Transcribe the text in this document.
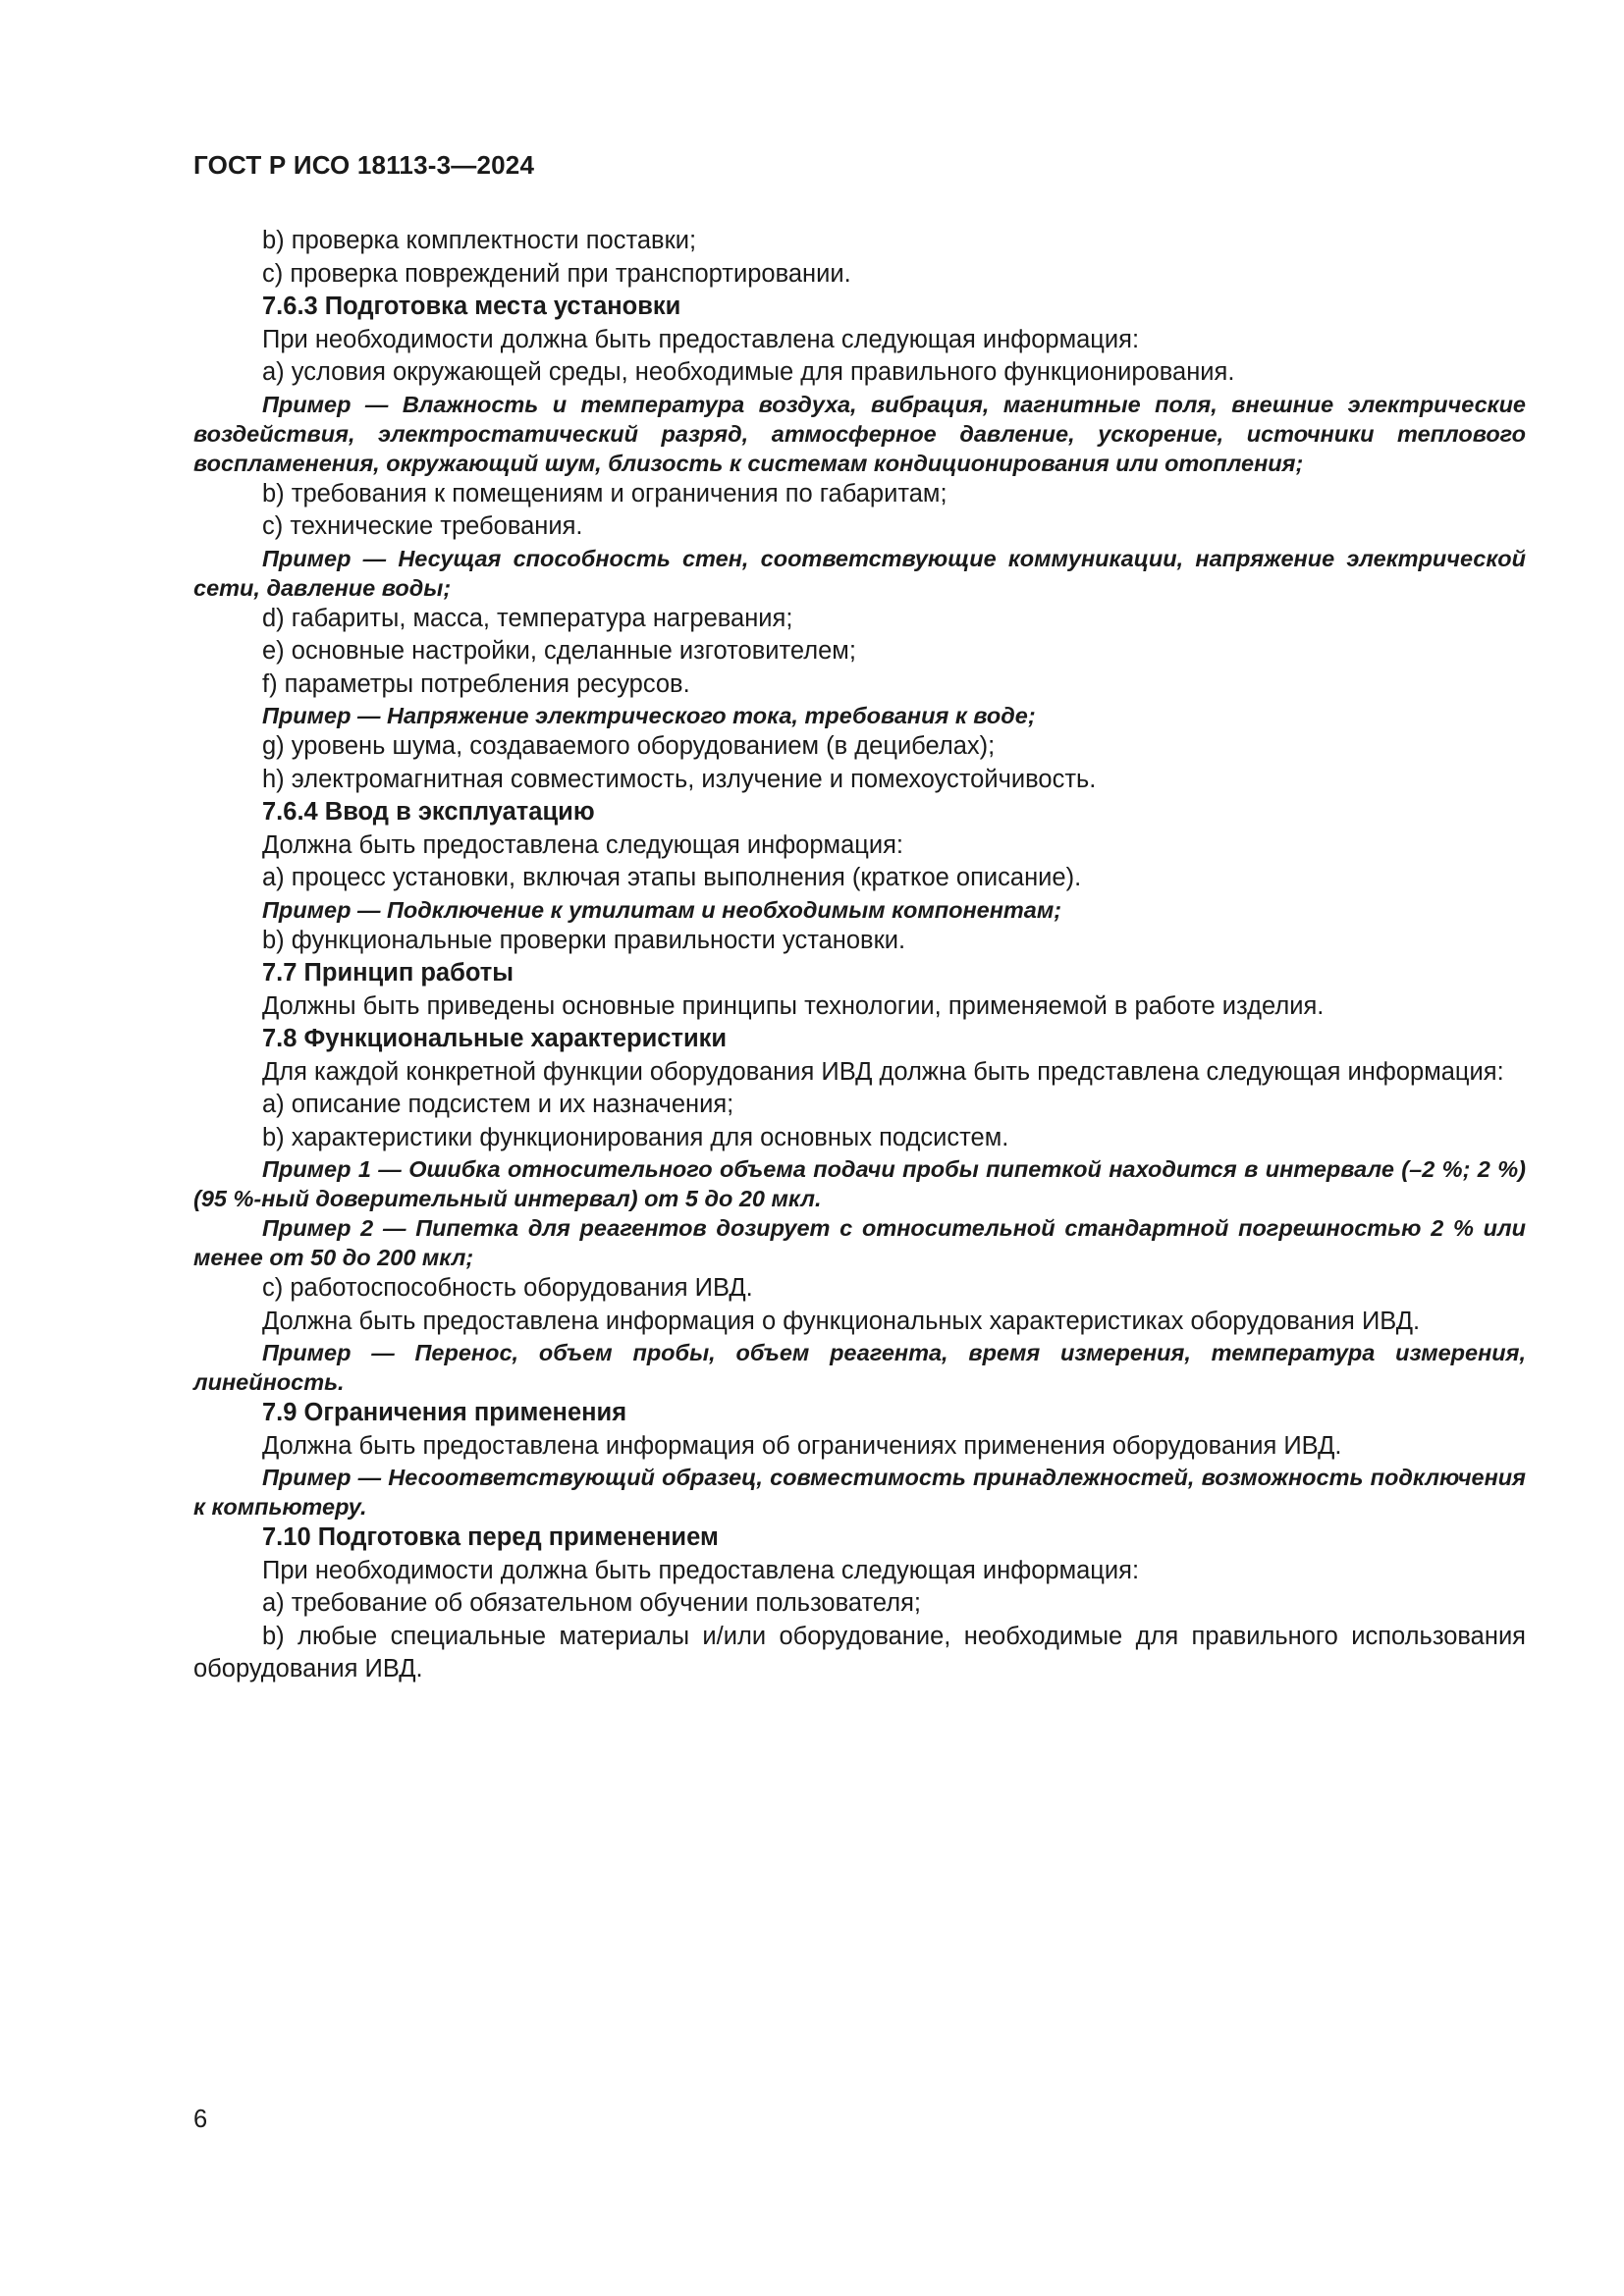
ГОСТ Р ИСО 18113-3—2024

b) проверка комплектности поставки;

c) проверка повреждений при транспортировании.

7.6.3 Подготовка места установки

При необходимости должна быть предоставлена следующая информация:

a) условия окружающей среды, необходимые для правильного функционирования.

Пример — Влажность и температура воздуха, вибрация, магнитные поля, внешние электрические воздействия, электростатический разряд, атмосферное давление, ускорение, источники теплового воспламенения, окружающий шум, близость к системам кондиционирования или отопления;

b) требования к помещениям и ограничения по габаритам;

c) технические требования.

Пример — Несущая способность стен, соответствующие коммуникации, напряжение электрической сети, давление воды;

d) габариты, масса, температура нагревания;

e) основные настройки, сделанные изготовителем;

f) параметры потребления ресурсов.

Пример — Напряжение электрического тока, требования к воде;

g) уровень шума, создаваемого оборудованием (в децибелах);

h) электромагнитная совместимость, излучение и помехоустойчивость.

7.6.4 Ввод в эксплуатацию

Должна быть предоставлена следующая информация:

a) процесс установки, включая этапы выполнения (краткое описание).

Пример — Подключение к утилитам и необходимым компонентам;

b) функциональные проверки правильности установки.

7.7 Принцип работы

Должны быть приведены основные принципы технологии, применяемой в работе изделия.

7.8 Функциональные характеристики

Для каждой конкретной функции оборудования ИВД должна быть представлена следующая информация:

a) описание подсистем и их назначения;

b) характеристики функционирования для основных подсистем.

Пример 1 — Ошибка относительного объема подачи пробы пипеткой находится в интервале (–2 %; 2 %) (95 %-ный доверительный интервал) от 5 до 20 мкл.

Пример 2 — Пипетка для реагентов дозирует с относительной стандартной погрешностью 2 % или менее от 50 до 200 мкл;

c) работоспособность оборудования ИВД.

Должна быть предоставлена информация о функциональных характеристиках оборудования ИВД.

Пример — Перенос, объем пробы, объем реагента, время измерения, температура измерения, линейность.

7.9 Ограничения применения

Должна быть предоставлена информация об ограничениях применения оборудования ИВД.

Пример — Несоответствующий образец, совместимость принадлежностей, возможность подключения к компьютеру.

7.10 Подготовка перед применением

При необходимости должна быть предоставлена следующая информация:

a) требование об обязательном обучении пользователя;

b) любые специальные материалы и/или оборудование, необходимые для правильного использования оборудования ИВД.

6
